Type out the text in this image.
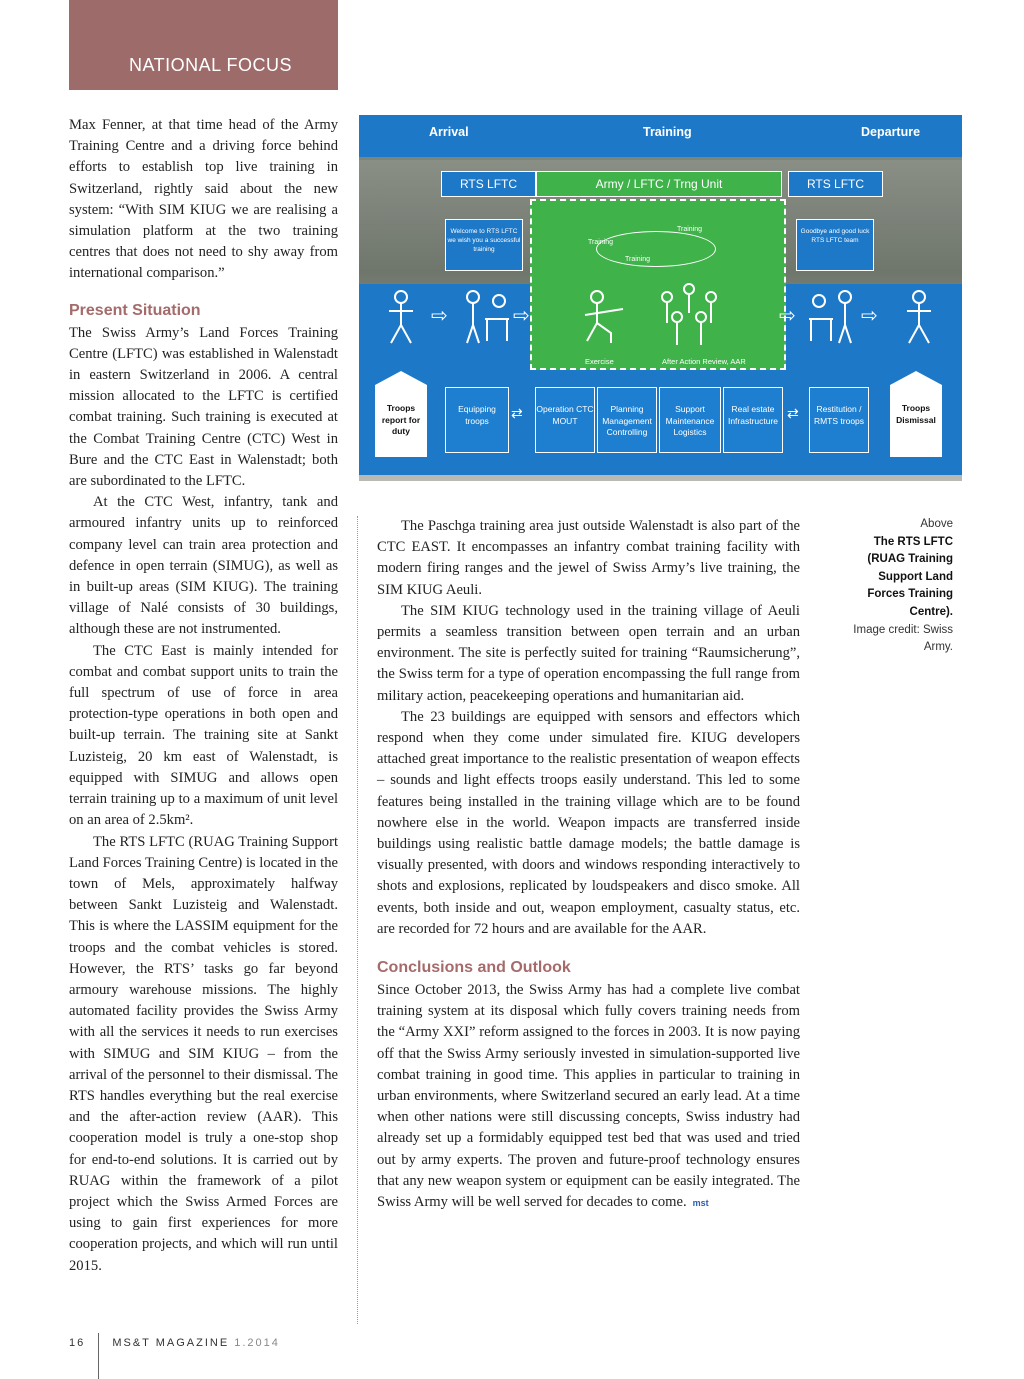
NATIONAL FOCUS
Arrival	Training	Departure
RTS LFTC	Army / LFTC / Trng Unit	RTS LFTC
Welcome to RTS LFTC we wish you a successful training
Goodbye and good luck RTS LFTC team
Training
Training
Training
Exercise	After Action Review, AAR
⇨	⇨	⇨	⇨
Troops report for duty
Equipping troops	⇄ Operation CTC MOUT
Planning Management Controlling
Support Maintenance Logistics
Real estate Infrastructure ⇄	Restitution / RMTS troops
Troops Dismissal

Max Fenner, at that time head of the Army Training Centre and a driving force behind efforts to establish top live training in Switzerland, rightly said about the new system: “With SIM KIUG we are realising a simulation platform at the two training centres that does not need to shy away from international comparison.”

Present Situation

The Swiss Army’s Land Forces Training Centre (LFTC) was established in Walenstadt in eastern Switzerland in 2006. A central mission allocated to the LFTC is certified combat training. Such training is executed at the Combat Training Centre (CTC) West in Bure and the CTC East in Walenstadt; both are subordinated to the LFTC.

At the CTC West, infantry, tank and armoured infantry units up to reinforced company level can train area protection and defence in open terrain (SIMUG), as well as in built-up areas (SIM KIUG). The training village of Nalé consists of 30 buildings, although these are not instrumented.

The CTC East is mainly intended for combat and combat support units to train the full spectrum of use of force in area protection-type operations in both open and built-up terrain. The training site at Sankt Luzisteig, 20 km east of Walenstadt, is equipped with SIMUG and allows open terrain training up to a maximum of unit level on an area of 2.5km².

The RTS LFTC (RUAG Training Support Land Forces Training Centre) is located in the town of Mels, approximately halfway between Sankt Luzisteig and Walenstadt. This is where the LASSIM equipment for the troops and the combat vehicles is stored. However, the RTS’ tasks go far beyond armoury warehouse missions. The highly automated facility provides the Swiss Army with all the services it needs to run exercises with SIMUG and SIM KIUG – from the arrival of the personnel to their dismissal. The RTS handles everything but the real exercise and the after-action review (AAR). This cooperation model is truly a one-stop shop for end-to-end solutions. It is carried out by RUAG within the framework of a pilot project which the Swiss Armed Forces are using to gain first experiences for more cooperation projects, and which will run until 2015.

The Paschga training area just outside Walenstadt is also part of the CTC EAST. It encompasses an infantry combat training facility with modern firing ranges and the jewel of Swiss Army’s live training, the SIM KIUG Aeuli.

The SIM KIUG technology used in the training village of Aeuli permits a seamless transition between open terrain and an urban environment. The site is perfectly suited for training “Raumsicherung”, the Swiss term for a type of operation encompassing the full range from military action, peacekeeping operations and humanitarian aid.

The 23 buildings are equipped with sensors and effectors which respond when they come under simulated fire. KIUG developers attached great importance to the realistic presentation of weapon effects – sounds and light effects troops easily understand. This led to some features being installed in the training village which are to be found nowhere else in the world. Weapon impacts are transferred inside buildings using realistic battle damage models; the battle damage is visually presented, with doors and windows responding interactively to shots and explosions, replicated by loudspeakers and disco smoke. All events, both inside and out, weapon employment, casualty status, etc. are recorded for 72 hours and are available for the AAR.

Conclusions and Outlook

Since October 2013, the Swiss Army has had a complete live combat training system at its disposal which fully covers training needs from the “Army XXI” reform assigned to the forces in 2003. It is now paying off that the Swiss Army seriously invested in simulation-supported live combat training in good time. This applies in particular to training in urban environments, where Switzerland secured an early lead. At a time when other nations were still discussing concepts, Swiss industry had already set up a formidably equipped test bed that was used and tried out by army experts. The proven and future-proof technology ensures that any new weapon system or equipment can be easily integrated. The Swiss Army will be well served for decades to come. mst

Above
The RTS LFTC (RUAG Training Support Land Forces Training Centre).
Image credit: Swiss Army.
16 MS&T MAGAZINE 1.2014
